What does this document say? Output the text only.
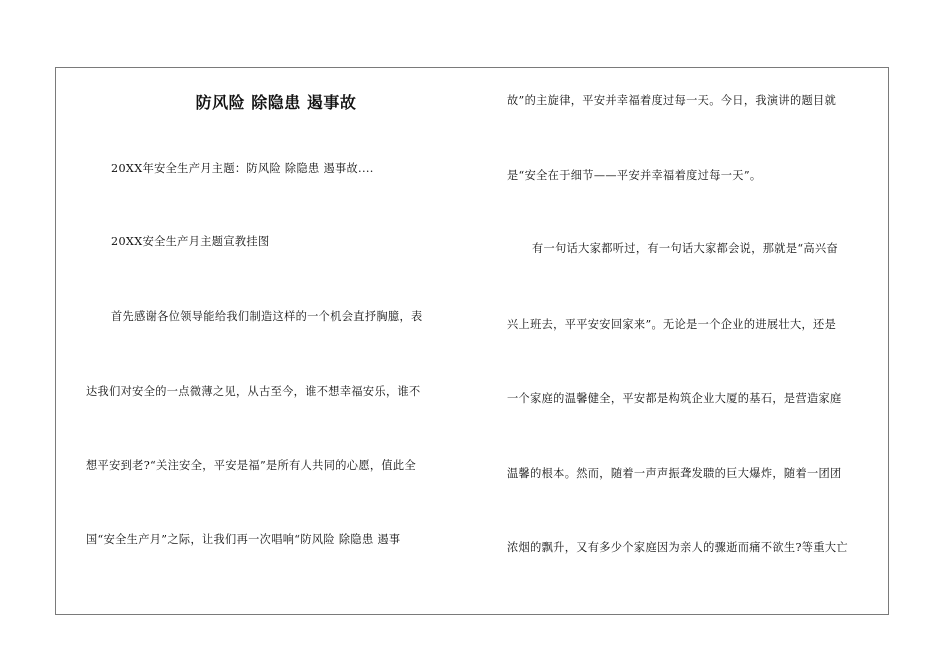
防风险 除隐患 遏事故
20XX年安全生产月主题：防风险 除隐患 遏事故....
20XX安全生产月主题宣教挂图
首先感谢各位领导能给我们制造这样的一个机会直抒胸臆，表
达我们对安全的一点微薄之见，从古至今，谁不想幸福安乐，谁不
想平安到老?“关注安全，平安是福”是所有人共同的心愿，值此全
国“安全生产月”之际，让我们再一次唱响“防风险 除隐患 遏事
故”的主旋律，平安并幸福着度过每一天。今日，我演讲的题目就
是“安全在于细节——平安并幸福着度过每一天”。
有一句话大家都听过，有一句话大家都会说，那就是“高兴奋
兴上班去，平平安安回家来”。无论是一个企业的进展壮大，还是
一个家庭的温馨健全，平安都是构筑企业大厦的基石，是营造家庭
温馨的根本。然而，随着一声声振聋发聩的巨大爆炸，随着一团团
浓烟的飘升，又有多少个家庭因为亲人的骤逝而痛不欲生?等重大亡
